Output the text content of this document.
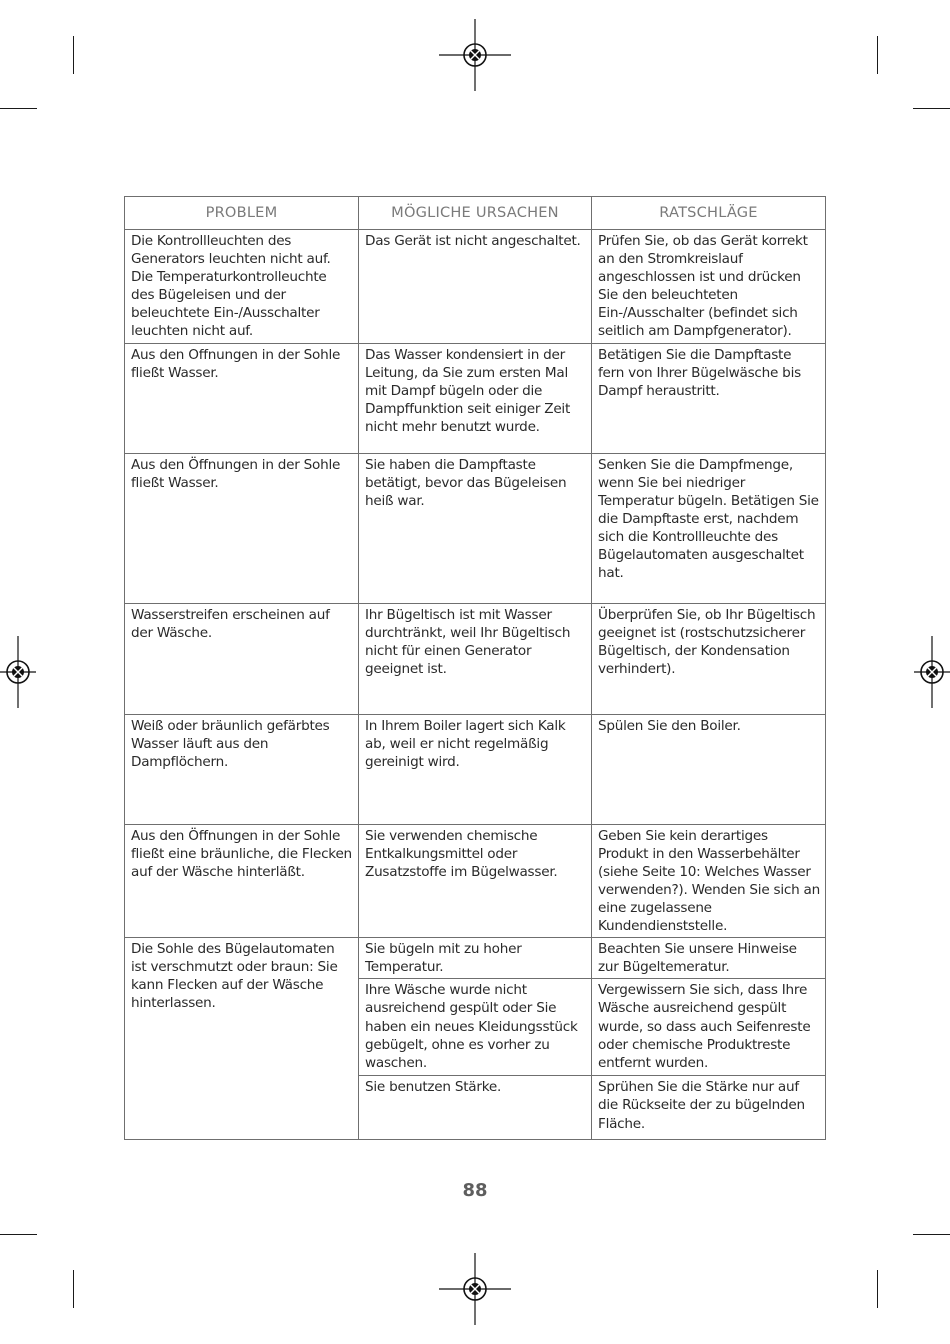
PROBLEM	MÖGLICHE URSACHEN	RATSCHLÄGE
Die Kontrollleuchten des Generators leuchten nicht auf. Die Temperaturkontrolleuchte des Bügeleisen und der beleuchtete Ein-/Ausschalter leuchten nicht auf.	Das Gerät ist nicht angeschaltet.	Prüfen Sie, ob das Gerät korrekt an den Stromkreislauf angeschlossen ist und drücken Sie den beleuchteten Ein-/Ausschalter (befindet sich seitlich am Dampfgenerator).
Aus den Offnungen in der Sohle fließt Wasser.	Das Wasser kondensiert in der Leitung, da Sie zum ersten Mal mit Dampf bügeln oder die Dampffunktion seit einiger Zeit nicht mehr benutzt wurde.	Betätigen Sie die Dampftaste fern von Ihrer Bügelwäsche bis Dampf heraustritt.
Aus den Öffnungen in der Sohle fließt Wasser.	Sie haben die Dampftaste betätigt, bevor das Bügeleisen heiß war.	Senken Sie die Dampfmenge, wenn Sie bei niedriger Temperatur bügeln. Betätigen Sie die Dampftaste erst, nachdem sich die Kontrollleuchte des Bügelautomaten ausgeschaltet hat.
Wasserstreifen erscheinen auf der Wäsche.	Ihr Bügeltisch ist mit Wasser durchtränkt, weil Ihr Bügeltisch nicht für einen Generator geeignet ist.	Überprüfen Sie, ob Ihr Bügeltisch geeignet ist (rostschutzsicherer Bügeltisch, der Kondensation verhindert).
Weiß oder bräunlich gefärbtes Wasser läuft aus den Dampflöchern.	In Ihrem Boiler lagert sich Kalk ab, weil er nicht regelmäßig gereinigt wird.	Spülen Sie den Boiler.
Aus den Öffnungen in der Sohle fließt eine bräunliche, die Flecken auf der Wäsche hinterläßt.	Sie verwenden chemische Entkalkungsmittel oder Zusatzstoffe im Bügelwasser.	Geben Sie kein derartiges Produkt in den Wasserbehälter (siehe Seite 10: Welches Wasser verwenden?). Wenden Sie sich an eine zugelassene Kundendienststelle.
Die Sohle des Bügelautomaten ist verschmutzt oder braun: Sie kann Flecken auf der Wäsche hinterlassen.	Sie bügeln mit zu hoher Temperatur.	Beachten Sie unsere Hinweise zur Bügeltemeratur.
	Ihre Wäsche wurde nicht ausreichend gespült oder Sie haben ein neues Kleidungsstück gebügelt, ohne es vorher zu waschen.	Vergewissern Sie sich, dass Ihre Wäsche ausreichend gespült wurde, so dass auch Seifenreste oder chemische Produktreste entfernt wurden.
	Sie benutzen Stärke.	Sprühen Sie die Stärke nur auf die Rückseite der zu bügelnden Fläche.
88
